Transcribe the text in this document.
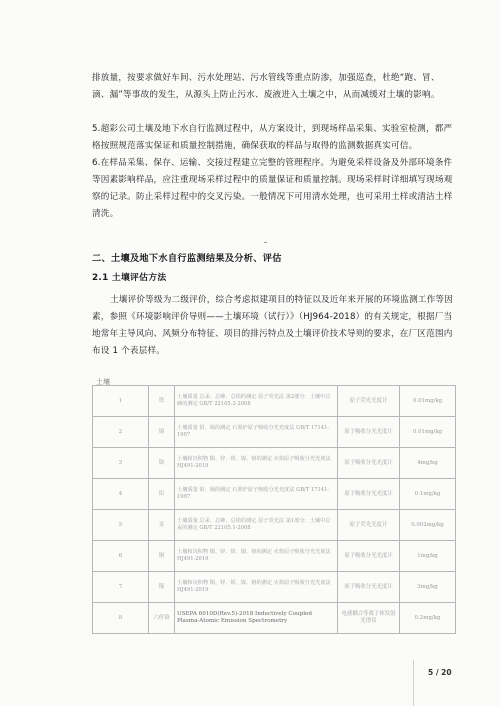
排放量，按要求做好车间、污水处理站、污水管线等重点防渗，加强巡查，杜绝“跑、冒、滴、漏”等事故的发生，从源头上防止污水、废液进入土壤之中，从而减缓对土壤的影响。
5.超彩公司土壤及地下水自行监测过程中，从方案设计，到现场样品采集、实验室检测，都严格按照规范落实保证和质量控制措施，确保获取的样品与取得的监测数据真实可信。
6.在样品采集、保存、运输、交接过程建立完整的管理程序。为避免采样设备及外部环境条件等因素影响样品，应注重现场采样过程中的质量保证和质量控制。现场采样时详细填写现场观察的记录。防止采样过程中的交叉污染。一般情况下可用清水处理，也可采用土样或清洁土样清洗。
二、土壤及地下水自行监测结果及分析、评估
2.1 土壤评估方法
土壤评价等级为二级评价，综合考虑拟建项目的特征以及近年来开展的环境监测工作等因素，参照《环境影响评价导则——土壤环境（试行）》（HJ964-2018）的有关规定，根据厂当地常年主导风向、风频分布特征、项目的排污特点及土壤评价技术导则的要求，在厂区范围内布设 1 个表层样。
土壤
1	铁	土壤质量 总汞、总砷、总铅的测定 原子荧光法 第2部分：土壤中总砷的测定 GB/T 22105.2-2008	原子荧光光度计	0.01mg/kg
2	镉	土壤质量 铅、镉的测定 石墨炉原子吸收分光光度法 GB/T 17141-1997	原子吸收分光光度计	0.01mg/kg
3	铬	土壤和沉积物 铜、锌、铅、镍、铬的测定 火焰原子吸收分光光度法 HJ491-2019	原子吸收分光光度计	4mg/kg
4	铅	土壤质量 铅、镉的测定 石墨炉原子吸收分光光度法 GB/T 17141-1997	原子吸收分光光度计	0.1mg/kg
5	汞	土壤质量 总汞、总砷、总铅的测定 原子荧光法 第1部分：土壤中总汞的测定 GB/T 22105.1-2008	原子荧光光度计	0.002mg/kg
6	铜	土壤和沉积物 铜、锌、铅、镍、铬的测定 火焰原子吸收分光光度法 HJ491-2019	原子吸收分光光度计	1mg/kg
7	镍	土壤和沉积物 铜、锌、铅、镍、铬的测定 火焰原子吸收分光光度法 HJ491-2019	原子吸收分光光度计	3mg/kg
8	六价铬	USEPA 6010D(Rev.5)-2018 Inductively Coupled Plasma-Atomic Emission Spectrometry	电感耦合等离子体发射光谱仪	0.2mg/kg
5 / 20
